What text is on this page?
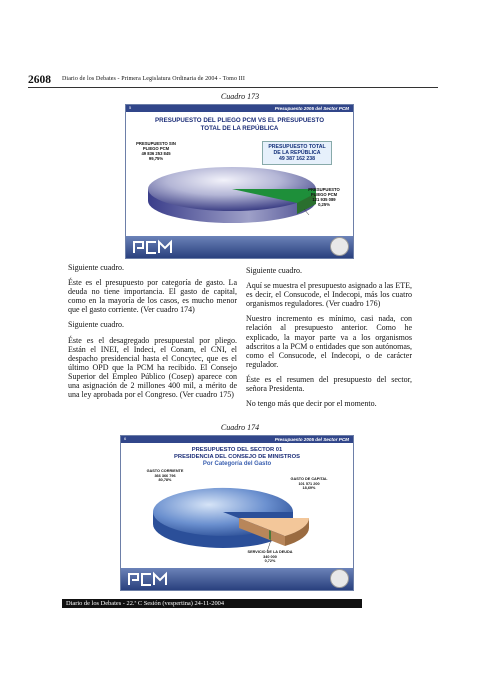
2608 Diario de los Debates - Primera Legislatura Ordinaria de 2004 - Tomo III
Cuadro 173
5	Presupuesto 2005 del Sector PCM
PRESUPUESTO DEL PLIEGO PCM VS EL PRESUPUESTO
TOTAL DE LA REPÚBLICA
PRESUPUESTO SIN
PLIEGO PCM
49 836 253 845
99,75%
PRESUPUESTO TOTAL
DE LA REPÚBLICA
49 387 162 238
PRESUPUESTO
PLIEGO PCM
121 935 089
0,25%

Siguiente cuadro.

Éste es el presupuesto por categoría de gasto. La deuda no tiene importancia. El gasto de capital, como en la mayoría de los casos, es mucho menor que el gasto corriente. (Ver cuadro 174)

Siguiente cuadro.

Éste es el desagregado presupuestal por pliego. Están el INEI, el Indeci, el Conam, el CNI, el despacho presidencial hasta el Concytec, que es el último OPD que la PCM ha recibido. El Consejo Superior del Empleo Público (Cosep) aparece con una asignación de 2 millones 400 mil, a mérito de una ley aprobada por el Congreso. (Ver cuadro 175)

Siguiente cuadro.

Aquí se muestra el presupuesto asignado a las ETE, es decir, el Consucode, el Indecopi, más los cuatro organismos reguladores. (Ver cuadro 176)

Nuestro incremento es mínimo, casi nada, con relación al presupuesto anterior. Como he explicado, la mayor parte va a los organismos adscritos a la PCM o entidades que son autónomas, como el Consucode, el Indecopi, o de carácter regulador.

Éste es el resumen del presupuesto del sector, señora Presidenta.

No tengo más que decir por el momento.

Cuadro 174
6	Presupuesto 2005 del Sector PCM
PRESUPUESTO DEL SECTOR 01
PRESIDENCIA DEL CONSEJO DE MINISTROS
Por Categoría del Gasto
GASTO CORRIENTE
366 366 796
80,78%	GASTO DE CAPITAL
101 571 200
18,69%
SERVICIO DE LA DEUDA
340 000
0,72%
Diario de los Debates - 22.ª C Sesión (vespertina) 24-11-2004
